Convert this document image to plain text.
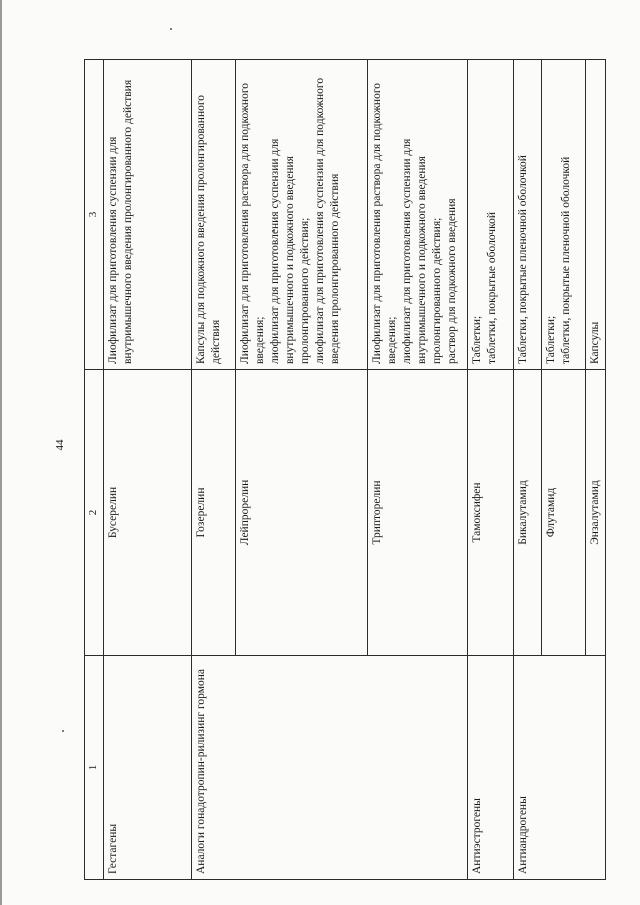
44
1	2	3
Гестагены	Бусерелин	Лиофилизат для приготовления суспензии для внутримышечного введения пролонгированного действия

Аналоги гонадотропин-рилизинг гормона	Гозерелин	Капсулы для подкожного введения пролонгированного действия

	Лейпрорелин	Лиофилизат для приготовления раствора для подкожного введения; лиофилизат для приготовления суспензии для внутримышечного и подкожного введения пролонгированного действия; лиофилизат для приготовления суспензии для подкожного введения пролонгированного действия

	Трипторелин	Лиофилизат для приготовления раствора для подкожного введения; лиофилизат для приготовления суспензии для внутримышечного и подкожного введения пролонгированного действия; раствор для подкожного введения

Антиэстрогены	Тамоксифен	Таблетки; таблетки, покрытые оболочкой

Антиандрогены	Бикалутамид	Таблетки, покрытые пленочной оболочкой

	Флутамид	Таблетки; таблетки, покрытые пленочной оболочкой

	Энзалутамид	Капсулы
